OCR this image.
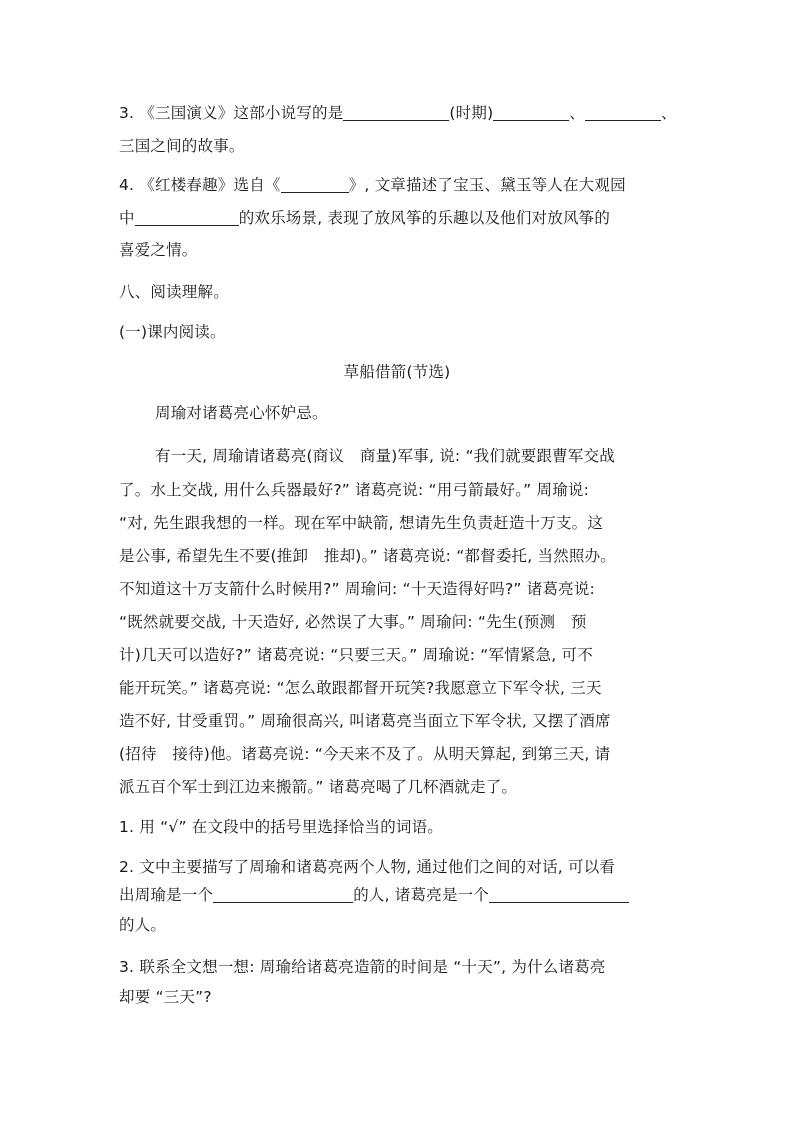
3. 《三国演义》这部小说写的是	(时期)	、	、
三国之间的故事。
4. 《红楼春趣》选自《	》, 文章描述了宝玉、黛玉等人在大观园
中	的欢乐场景, 表现了放风筝的乐趣以及他们对放风筝的
喜爱之情。
八、阅读理解。
(一)课内阅读。
草船借箭(节选)
周瑜对诸葛亮心怀妒忌。
有一天, 周瑜请诸葛亮(商议　商量)军事, 说: “我们就要跟曹军交战
了。水上交战, 用什么兵器最好?” 诸葛亮说: “用弓箭最好。” 周瑜说:
“对, 先生跟我想的一样。现在军中缺箭, 想请先生负责赶造十万支。这
是公事, 希望先生不要(推卸　推却)。” 诸葛亮说: “都督委托, 当然照办。
不知道这十万支箭什么时候用?” 周瑜问: “十天造得好吗?” 诸葛亮说:
“既然就要交战, 十天造好, 必然误了大事。” 周瑜问: “先生(预测　预
计)几天可以造好?” 诸葛亮说: “只要三天。” 周瑜说: “军情紧急, 可不
能开玩笑。” 诸葛亮说: “怎么敢跟都督开玩笑?我愿意立下军令状, 三天
造不好, 甘受重罚。” 周瑜很高兴, 叫诸葛亮当面立下军令状, 又摆了酒席
(招待　接待)他。诸葛亮说: “今天来不及了。从明天算起, 到第三天, 请
派五百个军士到江边来搬箭。” 诸葛亮喝了几杯酒就走了。
1. 用 “√” 在文段中的括号里选择恰当的词语。
2. 文中主要描写了周瑜和诸葛亮两个人物, 通过他们之间的对话, 可以看
出周瑜是一个	的人, 诸葛亮是一个
的人。
3. 联系全文想一想: 周瑜给诸葛亮造箭的时间是 “十天”, 为什么诸葛亮
却要 “三天”?
